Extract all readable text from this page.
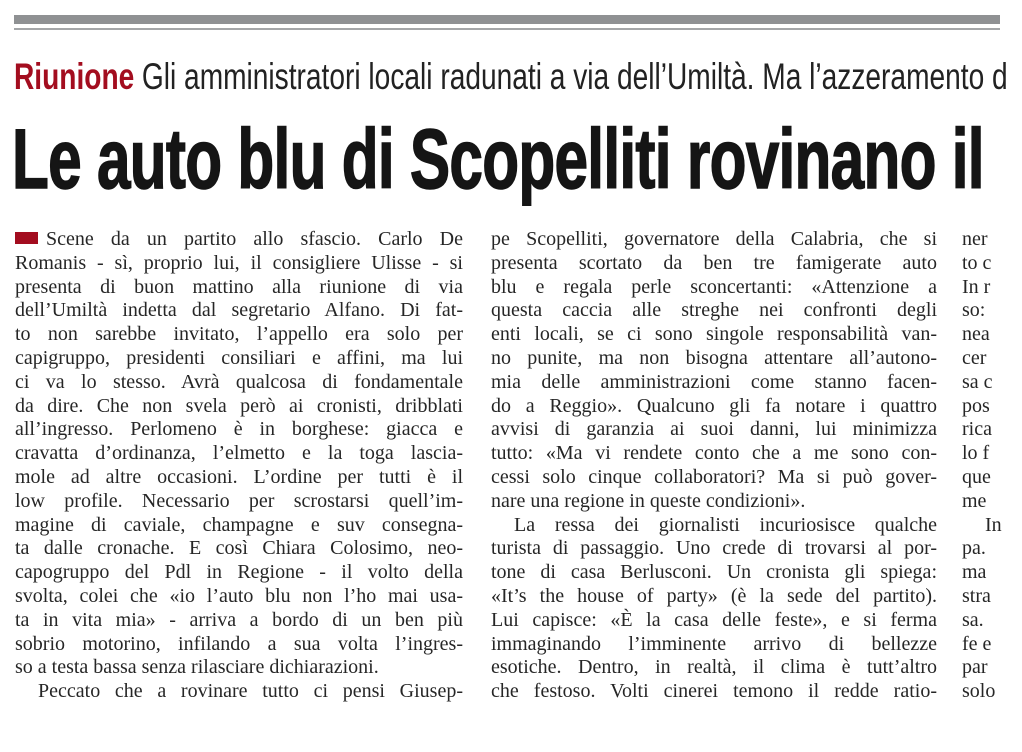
Riunione Gli amministratori locali radunati a via dell’Umiltà. Ma l’azzeramento d
Le auto blu di Scopelliti rovinano il
Scene da un partito allo sfascio. Carlo De
Romanis - sì, proprio lui, il consigliere Ulisse - si
presenta di buon mattino alla riunione di via
dell’Umiltà indetta dal segretario Alfano. Di fat-
to non sarebbe invitato, l’appello era solo per
capigruppo, presidenti consiliari e affini, ma lui
ci va lo stesso. Avrà qualcosa di fondamentale
da dire. Che non svela però ai cronisti, dribblati
all’ingresso. Perlomeno è in borghese: giacca e
cravatta d’ordinanza, l’elmetto e la toga lascia-
mole ad altre occasioni. L’ordine per tutti è il
low profile. Necessario per scrostarsi quell’im-
magine di caviale, champagne e suv consegna-
ta dalle cronache. E così Chiara Colosimo, neo-
capogruppo del Pdl in Regione - il volto della
svolta, colei che «io l’auto blu non l’ho mai usa-
ta in vita mia» - arriva a bordo di un ben più
sobrio motorino, infilando a sua volta l’ingres-
so a testa bassa senza rilasciare dichiarazioni.
Peccato che a rovinare tutto ci pensi Giusep-
pe Scopelliti, governatore della Calabria, che si
presenta scortato da ben tre famigerate auto
blu e regala perle sconcertanti: «Attenzione a
questa caccia alle streghe nei confronti degli
enti locali, se ci sono singole responsabilità van-
no punite, ma non bisogna attentare all’autono-
mia delle amministrazioni come stanno facen-
do a Reggio». Qualcuno gli fa notare i quattro
avvisi di garanzia ai suoi danni, lui minimizza
tutto: «Ma vi rendete conto che a me sono con-
cessi solo cinque collaboratori? Ma si può gover-
nare una regione in queste condizioni».
La ressa dei giornalisti incuriosisce qualche
turista di passaggio. Uno crede di trovarsi al por-
tone di casa Berlusconi. Un cronista gli spiega:
«It’s the house of party» (è la sede del partito).
Lui capisce: «È la casa delle feste», e si ferma
immaginando l’imminente arrivo di bellezze
esotiche. Dentro, in realtà, il clima è tutt’altro
che festoso. Volti cinerei temono il redde ratio-
ner
to c
In r
so:
nea
cer
sa c
pos
rica
lo f
que
me
In
pa.
ma
stra
sa.
fe e
par
solo
